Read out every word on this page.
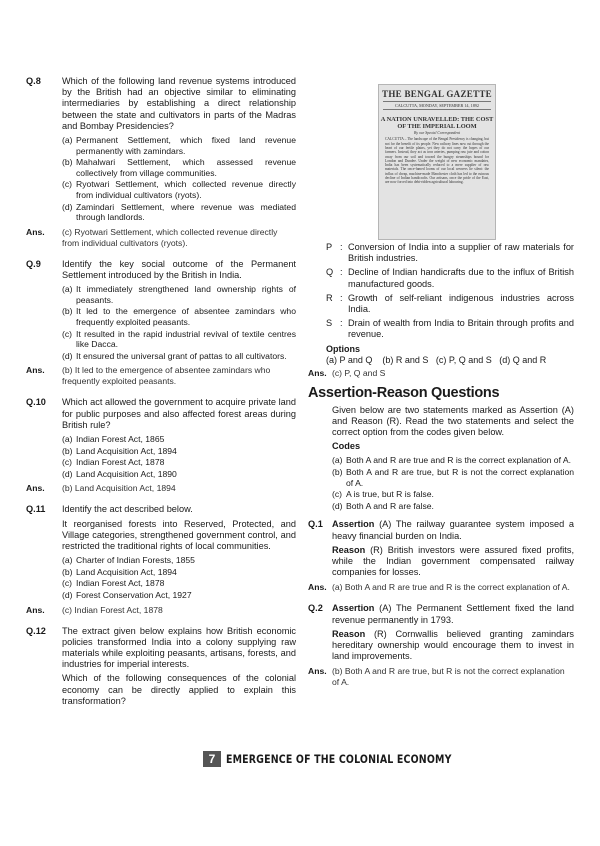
Q.8	Which of the following land revenue systems introduced by the British had an objective similar to eliminating intermediaries by establishing a direct relationship between the state and cultivators in parts of the Madras and Bombay Presidencies?
(a) Permanent Settlement, which fixed land revenue permanently with zamindars.
(b) Mahalwari Settlement, which assessed revenue collectively from village communities.
(c) Ryotwari Settlement, which collected revenue directly from individual cultivators (ryots).
(d) Zamindari Settlement, where revenue was mediated through landlords.
Ans.	(c) Ryotwari Settlement, which collected revenue directly from individual cultivators (ryots).
Q.9	Identify the key social outcome of the Permanent Settlement introduced by the British in India.
(a) It immediately strengthened land ownership rights of peasants.
(b) It led to the emergence of absentee zamindars who frequently exploited peasants.
(c) It resulted in the rapid industrial revival of textile centres like Dacca.
(d) It ensured the universal grant of pattas to all cultivators.
Ans.	(b) It led to the emergence of absentee zamindars who frequently exploited peasants.
Q.10	Which act allowed the government to acquire private land for public purposes and also affected forest areas during British rule?
(a) Indian Forest Act, 1865
(b) Land Acquisition Act, 1894
(c) Indian Forest Act, 1878
(d) Land Acquisition Act, 1890
Ans.	(b) Land Acquisition Act, 1894
Q.11	Identify the act described below.
It reorganised forests into Reserved, Protected, and Village categories, strengthened government control, and restricted the traditional rights of local communities.
(a) Charter of Indian Forests, 1855
(b) Land Acquisition Act, 1894
(c) Indian Forest Act, 1878
(d) Forest Conservation Act, 1927
Ans.	(c) Indian Forest Act, 1878
Q.12	The extract given below explains how British economic policies transformed India into a colony supplying raw materials while exploiting peasants, artisans, forests, and industries for imperial interests.
Which of the following consequences of the colonial economy can be directly applied to explain this transformation?
THE BENGAL GAZETTE
CALCUTTA, MONDAY, SEPTEMBER 14, 1892
A NATION UNRAVELLED: THE COST OF THE IMPERIAL LOOM
By our Special Correspondent
CALCUTTA – The landscape of the Bengal Presidency is changing, but not for the benefit of its people. New railway lines now cut through the heart of our fertile plains, yet they do not carry the hopes of our farmers. Instead, they act as iron arteries, pumping raw jute and cotton away from our soil and toward the hungry steamships bound for London and Dundee. Under the weight of new economic mandates, India has been systematically reduced to a mere supplier of raw materials. The once-famed looms of our local weavers lie silent: the influx of cheap, machine-made Manchester cloth has led to the ruinous decline of Indian handicrafts. Our artisans, once the pride of the East, are now forced into debt-ridden agricultural labouring.
P : Conversion of India into a supplier of raw materials for British industries.
Q : Decline of Indian handicrafts due to the influx of British manufactured goods.
R : Growth of self-reliant indigenous industries across India.
S : Drain of wealth from India to Britain through profits and revenue.
Options
(a) P and Q    (b) R and S   (c) P, Q and S   (d) Q and R
Ans. (c) P, Q and S
Assertion-Reason Questions
Given below are two statements marked as Assertion (A) and Reason (R). Read the two statements and select the correct option from the codes given below.
Codes
(a) Both A and R are true and R is the correct explanation of A.
(b) Both A and R are true, but R is not the correct explanation of A.
(c) A is true, but R is false.
(d) Both A and R are false.
Q.1 Assertion (A) The railway guarantee system imposed a heavy financial burden on India.
Reason (R) British investors were assured fixed profits, while the Indian government compensated railway companies for losses.
Ans. (a) Both A and R are true and R is the correct explanation of A.
Q.2 Assertion (A) The Permanent Settlement fixed the land revenue permanently in 1793.
Reason (R) Cornwallis believed granting zamindars hereditary ownership would encourage them to invest in land improvements.
Ans. (b) Both A and R are true, but R is not the correct explanation of A.
7 EMERGENCE OF THE COLONIAL ECONOMY
